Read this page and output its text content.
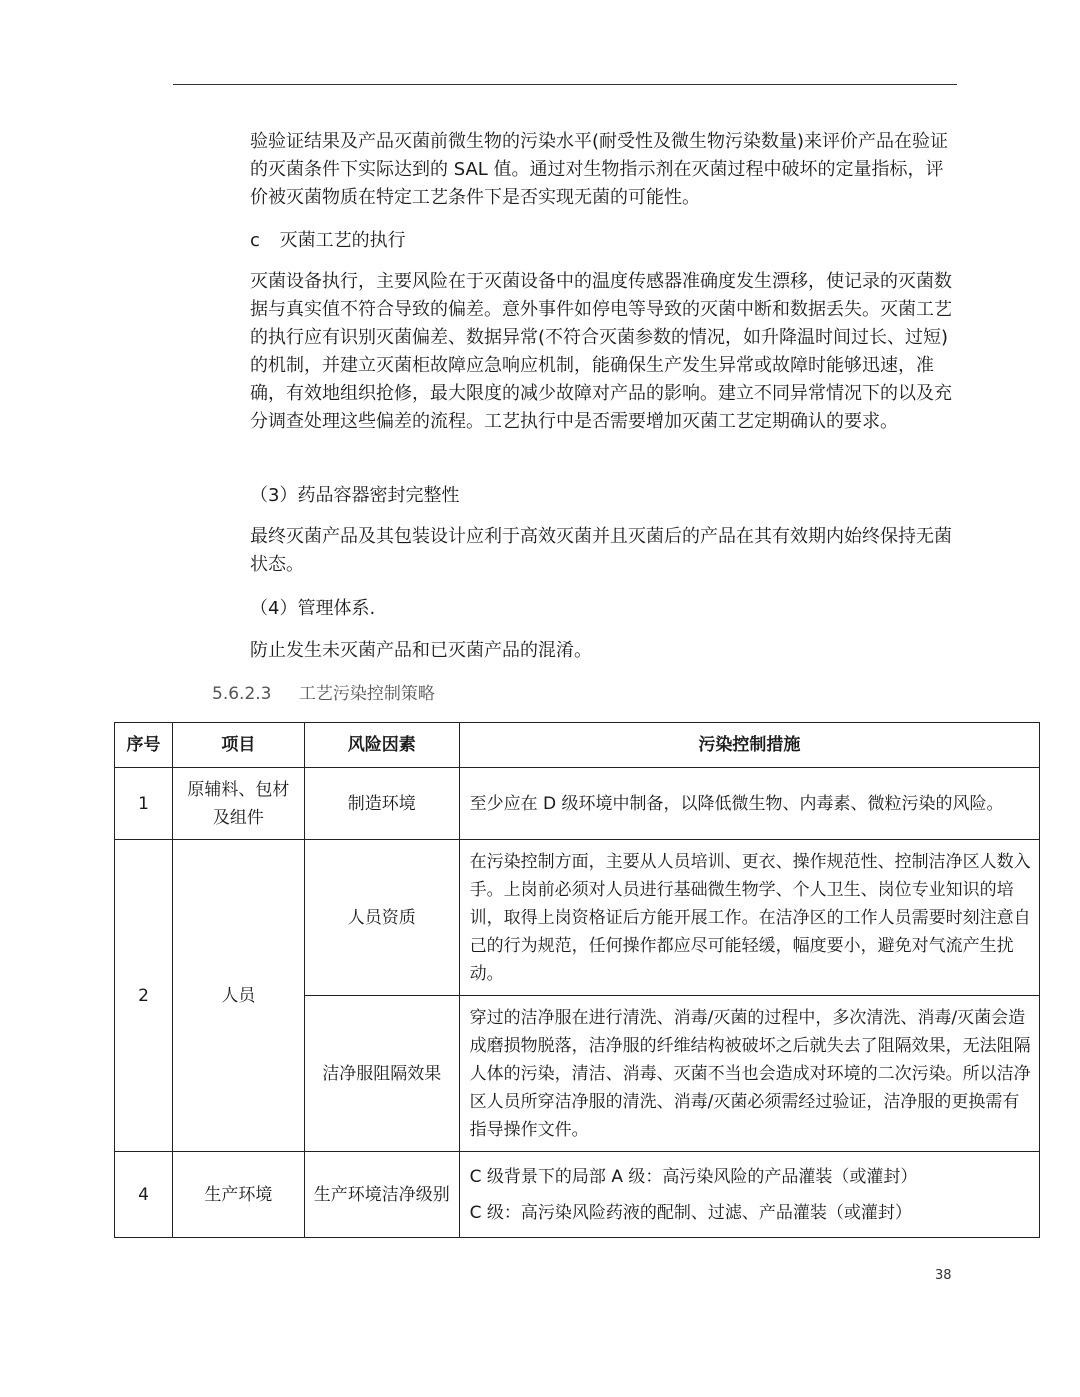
验验证结果及产品灭菌前微生物的污染水平(耐受性及微生物污染数量)来评价产品在验证的灭菌条件下实际达到的 SAL 值。通过对生物指示剂在灭菌过程中破坏的定量指标，评价被灭菌物质在特定工艺条件下是否实现无菌的可能性。

c 灭菌工艺的执行

灭菌设备执行，主要风险在于灭菌设备中的温度传感器准确度发生漂移，使记录的灭菌数据与真实值不符合导致的偏差。意外事件如停电等导致的灭菌中断和数据丢失。灭菌工艺的执行应有识别灭菌偏差、数据异常(不符合灭菌参数的情况，如升降温时间过长、过短)的机制，并建立灭菌柜故障应急响应机制，能确保生产发生异常或故障时能够迅速，准确，有效地组织抢修，最大限度的减少故障对产品的影响。建立不同异常情况下的以及充分调查处理这些偏差的流程。工艺执行中是否需要增加灭菌工艺定期确认的要求。

（3）药品容器密封完整性

最终灭菌产品及其包装设计应利于高效灭菌并且灭菌后的产品在其有效期内始终保持无菌状态。

（4）管理体系.

防止发生未灭菌产品和已灭菌产品的混淆。

5.6.2.3 工艺污染控制策略

序号	项目	风险因素	污染控制措施
1	原辅料、包材及组件	制造环境	至少应在 D 级环境中制备，以降低微生物、内毒素、微粒污染的风险。

2	人员	人员资质	在污染控制方面，主要从人员培训、更衣、操作规范性、控制洁净区人数入手。上岗前必须对人员进行基础微生物学、个人卫生、岗位专业知识的培训，取得上岗资格证后方能开展工作。在洁净区的工作人员需要时刻注意自己的行为规范，任何操作都应尽可能轻缓，幅度要小，避免对气流产生扰动。

		洁净服阻隔效果	穿过的洁净服在进行清洗、消毒/灭菌的过程中，多次清洗、消毒/灭菌会造成磨损物脱落，洁净服的纤维结构被破坏之后就失去了阻隔效果，无法阻隔人体的污染，清洁、消毒、灭菌不当也会造成对环境的二次污染。所以洁净区人员所穿洁净服的清洗、消毒/灭菌必须需经过验证，洁净服的更换需有指导操作文件。

4	生产环境	生产环境洁净级别	C 级背景下的局部 A 级：高污染风险的产品灌装（或灌封）
C 级：高污染风险药液的配制、过滤、产品灌装（或灌封）
38
